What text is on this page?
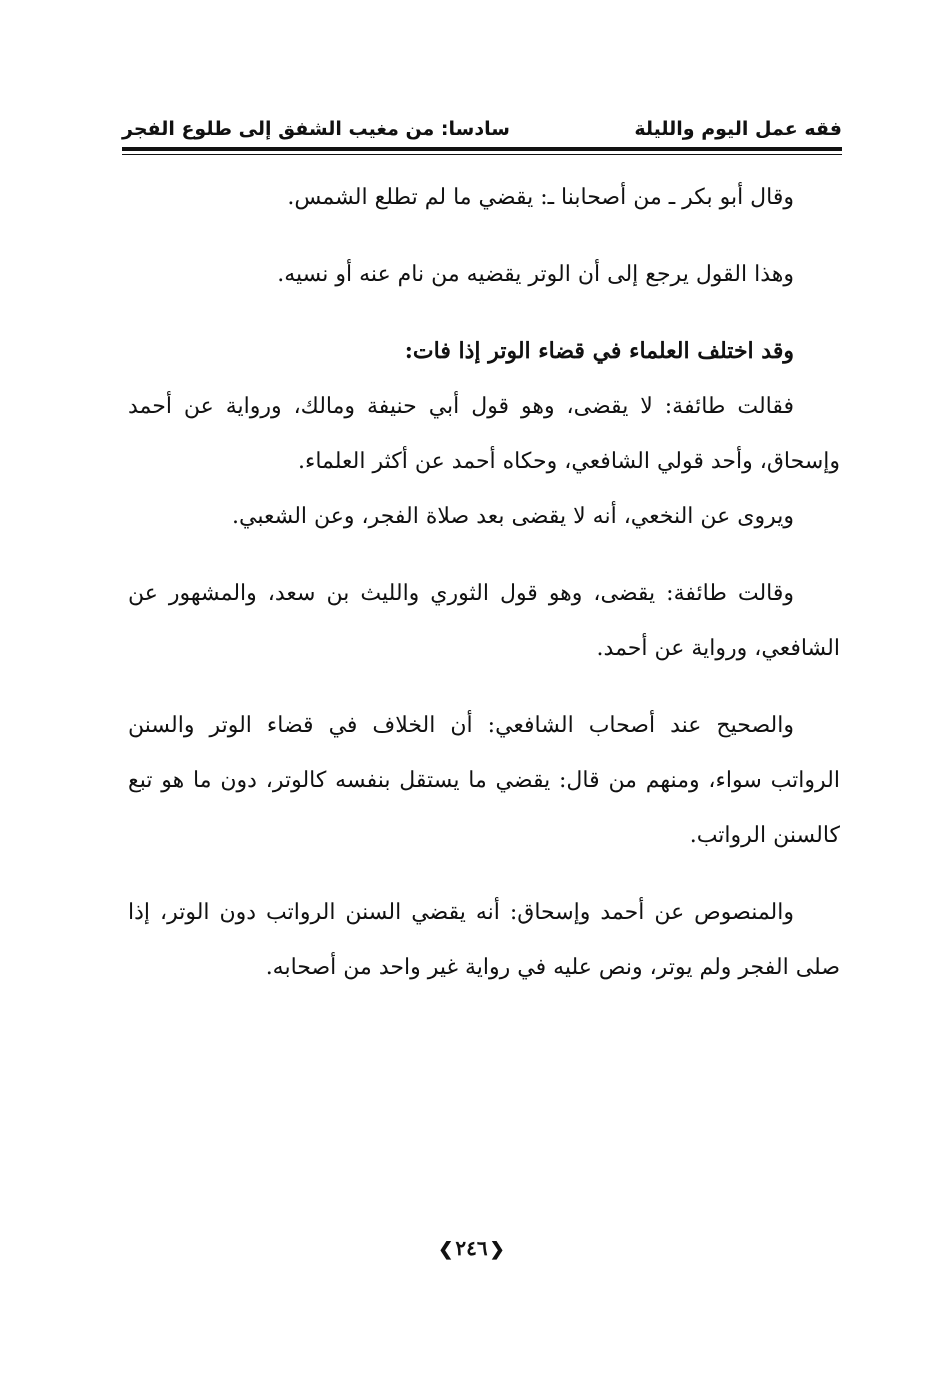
فقه عمل اليوم والليلة
سادسا: من مغيب الشفق إلى طلوع الفجر

وقال أبو بكر ـ من أصحابنا ـ: يقضي ما لم تطلع الشمس.

وهذا القول يرجع إلى أن الوتر يقضيه من نام عنه أو نسيه.

وقد اختلف العلماء في قضاء الوتر إذا فات:

فقالت طائفة: لا يقضى، وهو قول أبي حنيفة ومالك، ورواية عن أحمد وإسحاق، وأحد قولي الشافعي، وحكاه أحمد عن أكثر العلماء.

ويروى عن النخعي، أنه لا يقضى بعد صلاة الفجر، وعن الشعبي.

وقالت طائفة: يقضى، وهو قول الثوري والليث بن سعد، والمشهور عن الشافعي، ورواية عن أحمد.

والصحيح عند أصحاب الشافعي: أن الخلاف في قضاء الوتر والسنن الرواتب سواء، ومنهم من قال: يقضي ما يستقل بنفسه كالوتر، دون ما هو تبع كالسنن الرواتب.

والمنصوص عن أحمد وإسحاق: أنه يقضي السنن الرواتب دون الوتر، إذا صلى الفجر ولم يوتر، ونص عليه في رواية غير واحد من أصحابه.

❮٢٤٦❯
